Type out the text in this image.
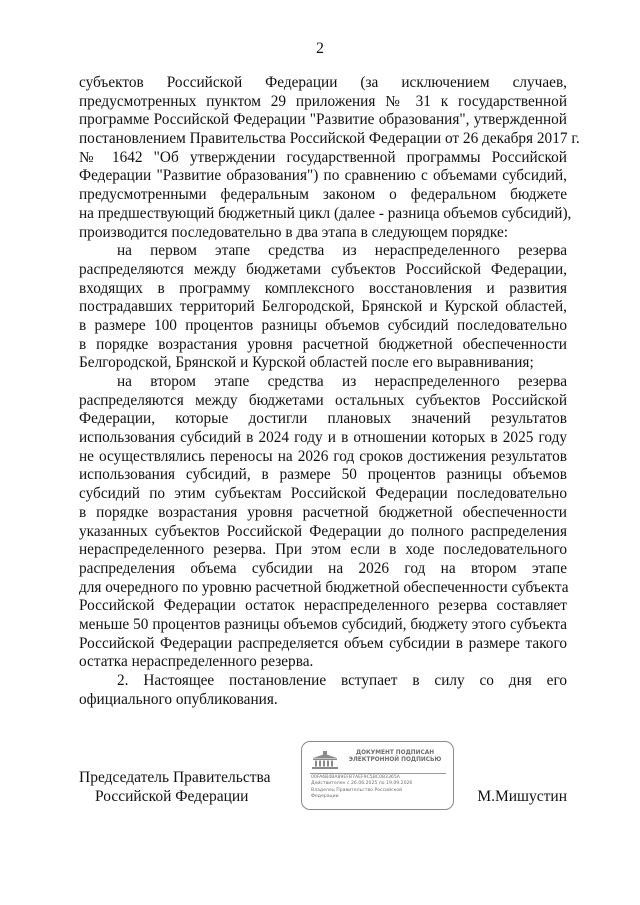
2
субъектов Российской Федерации (за исключением случаев,
предусмотренных пунктом 29 приложения № 31 к государственной
программе Российской Федерации "Развитие образования", утвержденной
постановлением Правительства Российской Федерации от 26 декабря 2017 г.
№ 1642 "Об утверждении государственной программы Российской
Федерации "Развитие образования") по сравнению с объемами субсидий,
предусмотренными федеральным законом о федеральном бюджете
на предшествующий бюджетный цикл (далее - разница объемов субсидий),
производится последовательно в два этапа в следующем порядке:
на первом этапе средства из нераспределенного резерва
распределяются между бюджетами субъектов Российской Федерации,
входящих в программу комплексного восстановления и развития
пострадавших территорий Белгородской, Брянской и Курской областей,
в размере 100 процентов разницы объемов субсидий последовательно
в порядке возрастания уровня расчетной бюджетной обеспеченности
Белгородской, Брянской и Курской областей после его выравнивания;
на втором этапе средства из нераспределенного резерва
распределяются между бюджетами остальных субъектов Российской
Федерации, которые достигли плановых значений результатов
использования субсидий в 2024 году и в отношении которых в 2025 году
не осуществлялись переносы на 2026 год сроков достижения результатов
использования субсидий, в размере 50 процентов разницы объемов
субсидий по этим субъектам Российской Федерации последовательно
в порядке возрастания уровня расчетной бюджетной обеспеченности
указанных субъектов Российской Федерации до полного распределения
нераспределенного резерва. При этом если в ходе последовательного
распределения объема субсидии на 2026 год на втором этапе
для очередного по уровню расчетной бюджетной обеспеченности субъекта
Российской Федерации остаток нераспределенного резерва составляет
меньше 50 процентов разницы объемов субсидий, бюджету этого субъекта
Российской Федерации распределяется объем субсидии в размере такого
остатка нераспределенного резерва.
2. Настоящее постановление вступает в силу со дня его
официального опубликования.
Председатель Правительства
Российской Федерации
ДОКУМЕНТ ПОДПИСАН
ЭЛЕКТРОННОЙ ПОДПИСЬЮ
00FA6B4BA89EFB7AEF9C5BC0B3365A
Действителен с 26.06.2025 по 19.09.2026
Владелец Правительство Российской
Федерации	М.Мишустин
